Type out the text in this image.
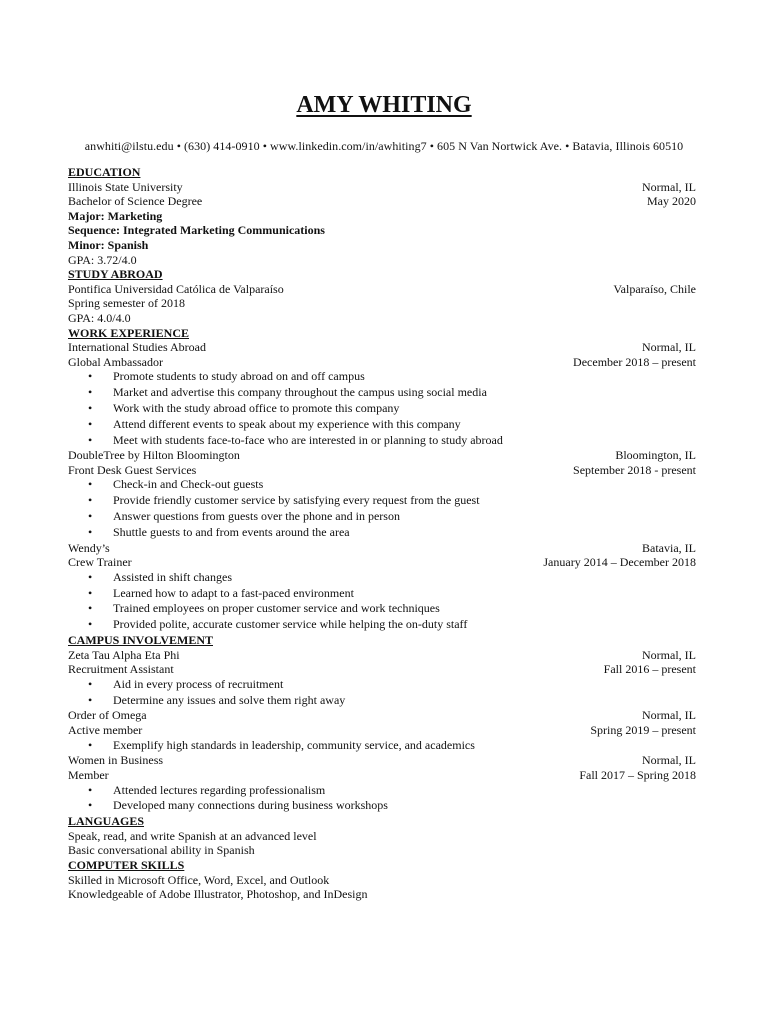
AMY WHITING
anwhiti@ilstu.edu • (630) 414-0910 • www.linkedin.com/in/awhiting7 • 605 N Van Nortwick Ave. • Batavia, Illinois 60510
EDUCATION
Illinois State University	Normal, IL
Bachelor of Science Degree	May 2020
Major: Marketing
Sequence: Integrated Marketing Communications
Minor: Spanish
GPA: 3.72/4.0
STUDY ABROAD
Pontifica Universidad Católica de Valparaíso	Valparaíso, Chile
Spring semester of 2018
GPA: 4.0/4.0
WORK EXPERIENCE
International Studies Abroad	Normal, IL
Global Ambassador	December 2018 – present
• Promote students to study abroad on and off campus
• Market and advertise this company throughout the campus using social media
• Work with the study abroad office to promote this company
• Attend different events to speak about my experience with this company
• Meet with students face-to-face who are interested in or planning to study abroad
DoubleTree by Hilton Bloomington	Bloomington, IL
Front Desk Guest Services	September 2018 - present
• Check-in and Check-out guests
• Provide friendly customer service by satisfying every request from the guest
• Answer questions from guests over the phone and in person
• Shuttle guests to and from events around the area
Wendy’s	Batavia, IL
Crew Trainer	January 2014 – December 2018
• Assisted in shift changes
• Learned how to adapt to a fast-paced environment
• Trained employees on proper customer service and work techniques
• Provided polite, accurate customer service while helping the on-duty staff
CAMPUS INVOLVEMENT
Zeta Tau Alpha Eta Phi	Normal, IL
Recruitment Assistant	Fall 2016 – present
• Aid in every process of recruitment
• Determine any issues and solve them right away
Order of Omega	Normal, IL
Active member	Spring 2019 – present
• Exemplify high standards in leadership, community service, and academics
Women in Business	Normal, IL
Member	Fall 2017 – Spring 2018
• Attended lectures regarding professionalism
• Developed many connections during business workshops
LANGUAGES
Speak, read, and write Spanish at an advanced level
Basic conversational ability in Spanish
COMPUTER SKILLS
Skilled in Microsoft Office, Word, Excel, and Outlook
Knowledgeable of Adobe Illustrator, Photoshop, and InDesign
